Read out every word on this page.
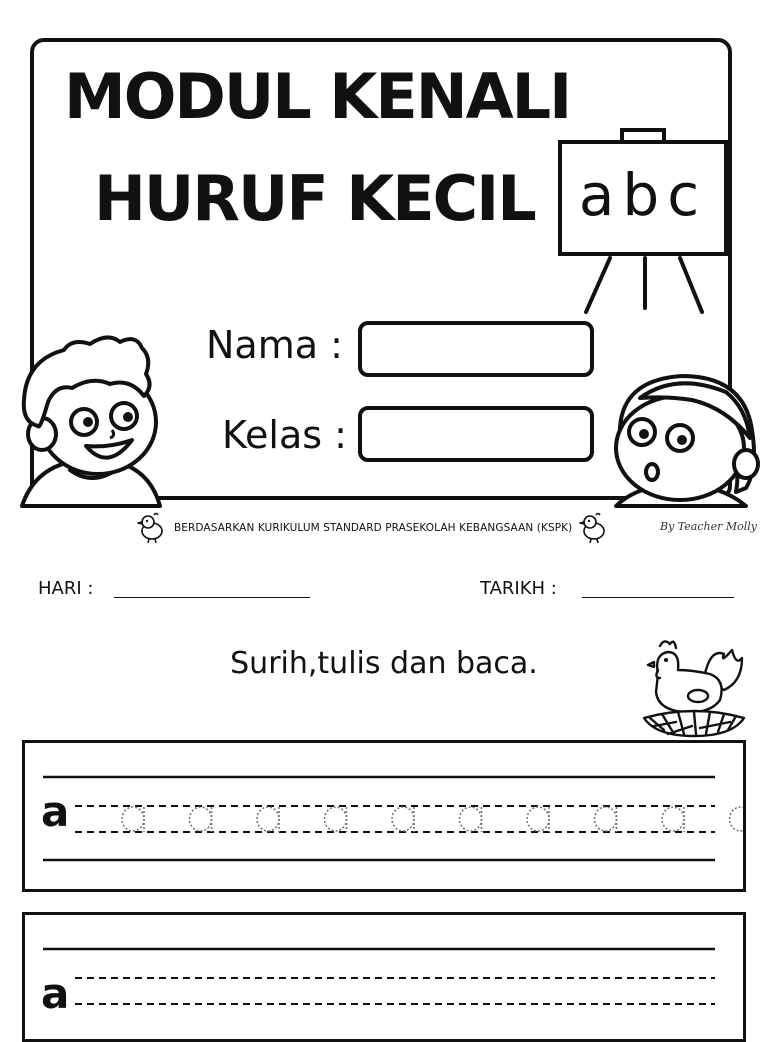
MODUL KENALI
HURUF KECIL abc
Nama :
Kelas :
BERDASARKAN KURIKULUM STANDARD PRASEKOLAH KEBANGSAAN (KSPK)	By Teacher Molly
HARI :	TARIKH :
Surih,tulis dan baca.
a
a
